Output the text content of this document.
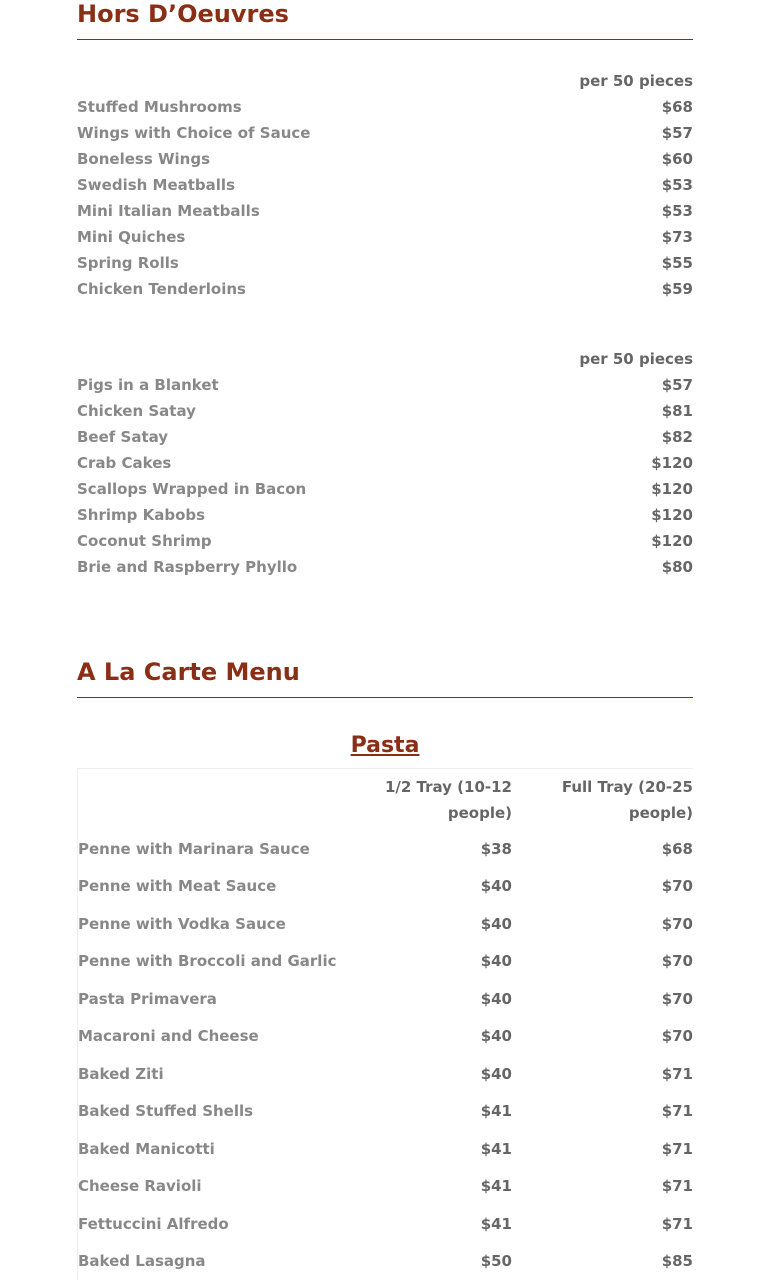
Hors D’Oeuvres
per 50 pieces
Stuffed Mushrooms	$68
Wings with Choice of Sauce	$57
Boneless Wings	$60
Swedish Meatballs	$53
Mini Italian Meatballs	$53
Mini Quiches	$73
Spring Rolls	$55
Chicken Tenderloins	$59
per 50 pieces
Pigs in a Blanket	$57
Chicken Satay	$81
Beef Satay	$82
Crab Cakes	$120
Scallops Wrapped in Bacon	$120
Shrimp Kabobs	$120
Coconut Shrimp	$120
Brie and Raspberry Phyllo	$80
A La Carte Menu
Pasta
	1/2 Tray (10-12 people)	Full Tray (20-25 people)
Penne with Marinara Sauce	$38	$68
Penne with Meat Sauce	$40	$70
Penne with Vodka Sauce	$40	$70
Penne with Broccoli and Garlic	$40	$70
Pasta Primavera	$40	$70
Macaroni and Cheese	$40	$70
Baked Ziti	$40	$71
Baked Stuffed Shells	$41	$71
Baked Manicotti	$41	$71
Cheese Ravioli	$41	$71
Fettuccini Alfredo	$41	$71
Baked Lasagna	$50	$85
